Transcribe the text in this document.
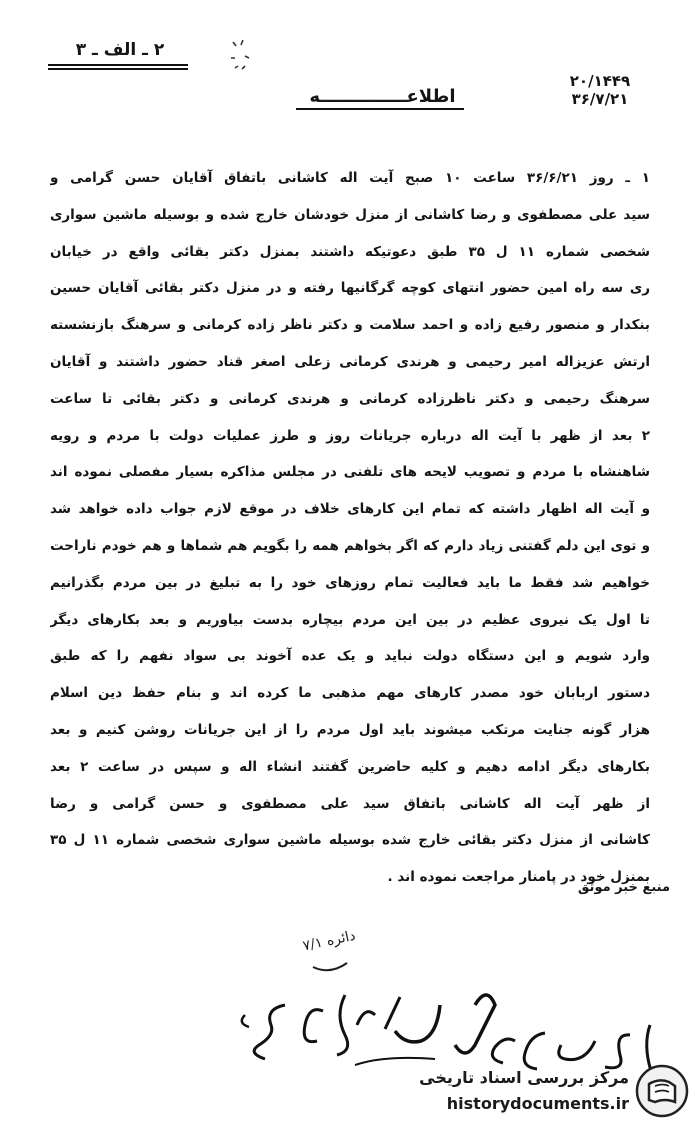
۲ ـ الف ـ ۳
۲۰/۱۴۴۹
۳۶/۷/۲۱
اطلاعــــــــــــــه
۱ ـ روز ۳۶/۶/۲۱ ساعت ۱۰ صبح آیت اله کاشانی باتفاق آقایان حسن گرامی و
سید علی مصطفوی و رضا کاشانی از منزل خودشان خارج شده و بوسیله ماشین سواری
شخصی شماره ۱۱ ل ۳۵ طبق دعوتیکه داشتند بمنزل دکتر بقائی واقع در خیابان
ری سه راه امین حضور انتهای کوچه گرگانیها رفته و در منزل دکتر بقائی آقایان حسین
بنکدار و منصور رفیع زاده و احمد سلامت و دکتر ناظر زاده کرمانی و سرهنگ بازنشسته
ارتش عزیزاله امیر رحیمی و هرندی کرمانی زعلی اصغر قناد حضور داشتند و آقایان
سرهنگ رحیمی و دکتر ناظرزاده کرمانی و هرندی کرمانی و دکتر بقائی تا ساعت
۲ بعد از ظهر با آیت اله درباره جریانات روز و طرز عملیات دولت با مردم و رویه
شاهنشاه با مردم و تصویب لایحه های تلفنی در مجلس مذاکره بسیار مفصلی نموده اند
و آیت اله اظهار داشته که تمام این کارهای خلاف در موقع لازم جواب داده خواهد شد
و توی این دلم گفتنی زیاد دارم که اگر بخواهم همه را بگویم هم شماها و هم خودم ناراحت
خواهیم شد فقط ما باید فعالیت تمام روزهای خود را به تبلیغ در بین مردم بگذرانیم
تا اول یک نیروی عظیم در بین این مردم بیچاره بدست بیاوریم و بعد بکارهای دیگر
وارد شویم و این دستگاه دولت نباید و یک عده آخوند بی سواد نفهم را که طبق
دستور اربابان خود مصدر کارهای مهم مذهبی ما کرده اند و بنام حفظ دین اسلام
هزار گونه جنایت مرتکب میشوند باید اول مردم را از این جریانات روشن کنیم و بعد
بکارهای دیگر ادامه دهیم و کلیه حاضرین گفتند انشاء اله و سپس در ساعت ۲ بعد
از ظهر آیت اله کاشانی باتفاق سید علی مصطفوی و حسن گرامی و رضا
کاشانی از منزل دکتر بقائی خارج شده بوسیله ماشین سواری شخصی شماره ۱۱ ل ۳۵
بمنزل خود در پامنار مراجعت نموده اند .
منبع خبر موثق
دائره ۷/۱
مرکز بررسی اسناد تاریخی
historydocuments.ir
